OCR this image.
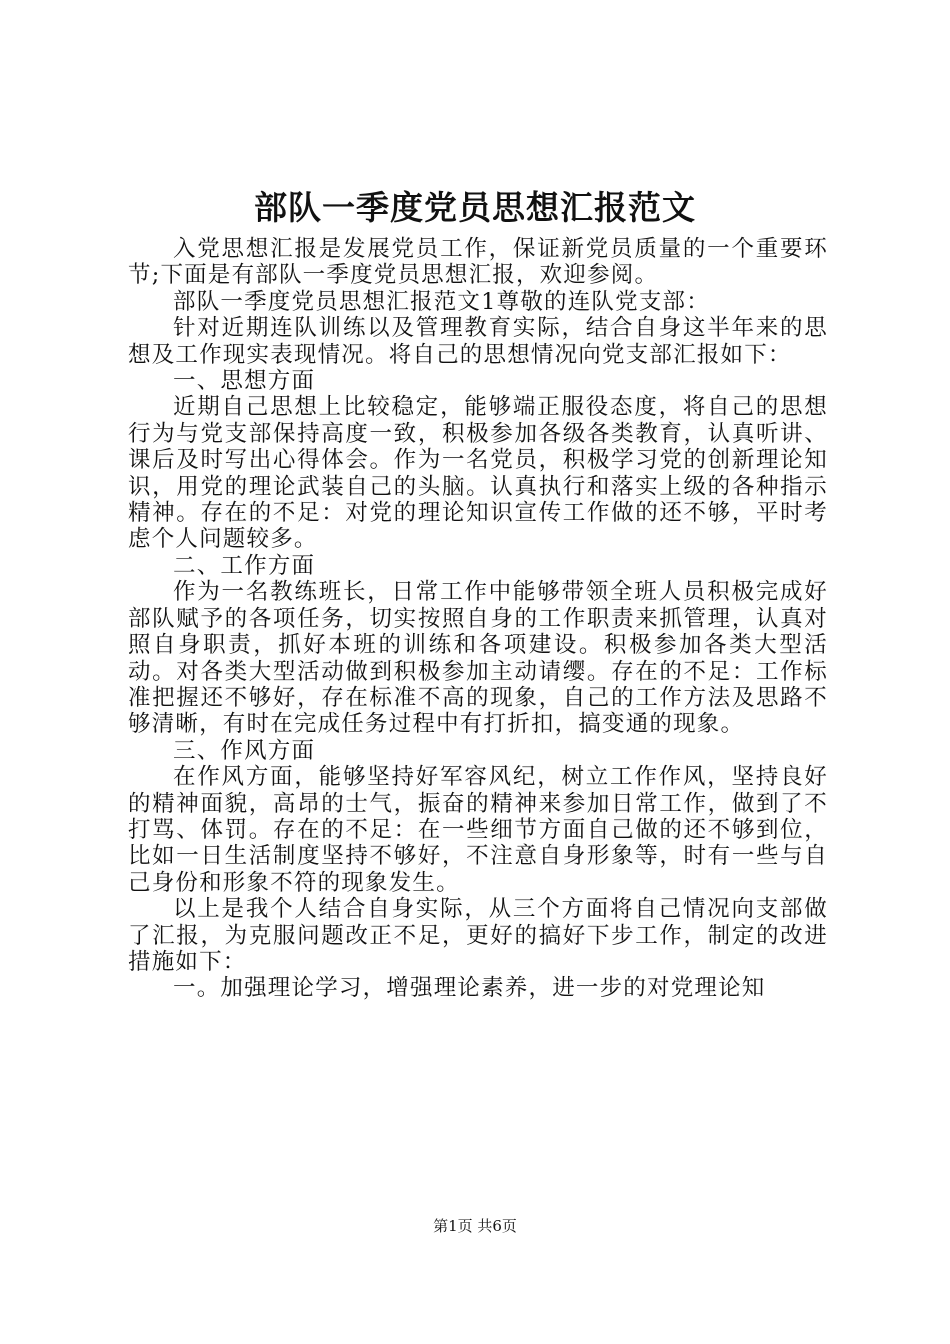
部队一季度党员思想汇报范文

入党思想汇报是发展党员工作，保证新党员质量的一个重要环节;下面是有部队一季度党员思想汇报，欢迎参阅。

部队一季度党员思想汇报范文1尊敬的连队党支部：

针对近期连队训练以及管理教育实际，结合自身这半年来的思想及工作现实表现情况。将自己的思想情况向党支部汇报如下：

一、思想方面

近期自己思想上比较稳定，能够端正服役态度，将自己的思想行为与党支部保持高度一致，积极参加各级各类教育，认真听讲、课后及时写出心得体会。作为一名党员，积极学习党的创新理论知识，用党的理论武装自己的头脑。认真执行和落实上级的各种指示精神。存在的不足：对党的理论知识宣传工作做的还不够，平时考虑个人问题较多。

二、工作方面

作为一名教练班长，日常工作中能够带领全班人员积极完成好部队赋予的各项任务，切实按照自身的工作职责来抓管理，认真对照自身职责，抓好本班的训练和各项建设。积极参加各类大型活动。对各类大型活动做到积极参加主动请缨。存在的不足：工作标准把握还不够好，存在标准不高的现象，自己的工作方法及思路不够清晰，有时在完成任务过程中有打折扣，搞变通的现象。

三、作风方面

在作风方面，能够坚持好军容风纪，树立工作作风，坚持良好的精神面貌，高昂的士气，振奋的精神来参加日常工作，做到了不打骂、体罚。存在的不足：在一些细节方面自己做的还不够到位，比如一日生活制度坚持不够好，不注意自身形象等，时有一些与自己身份和形象不符的现象发生。

以上是我个人结合自身实际，从三个方面将自己情况向支部做了汇报，为克服问题改正不足，更好的搞好下步工作，制定的改进措施如下：

一。加强理论学习，增强理论素养，进一步的对党理论知

第1页 共6页
